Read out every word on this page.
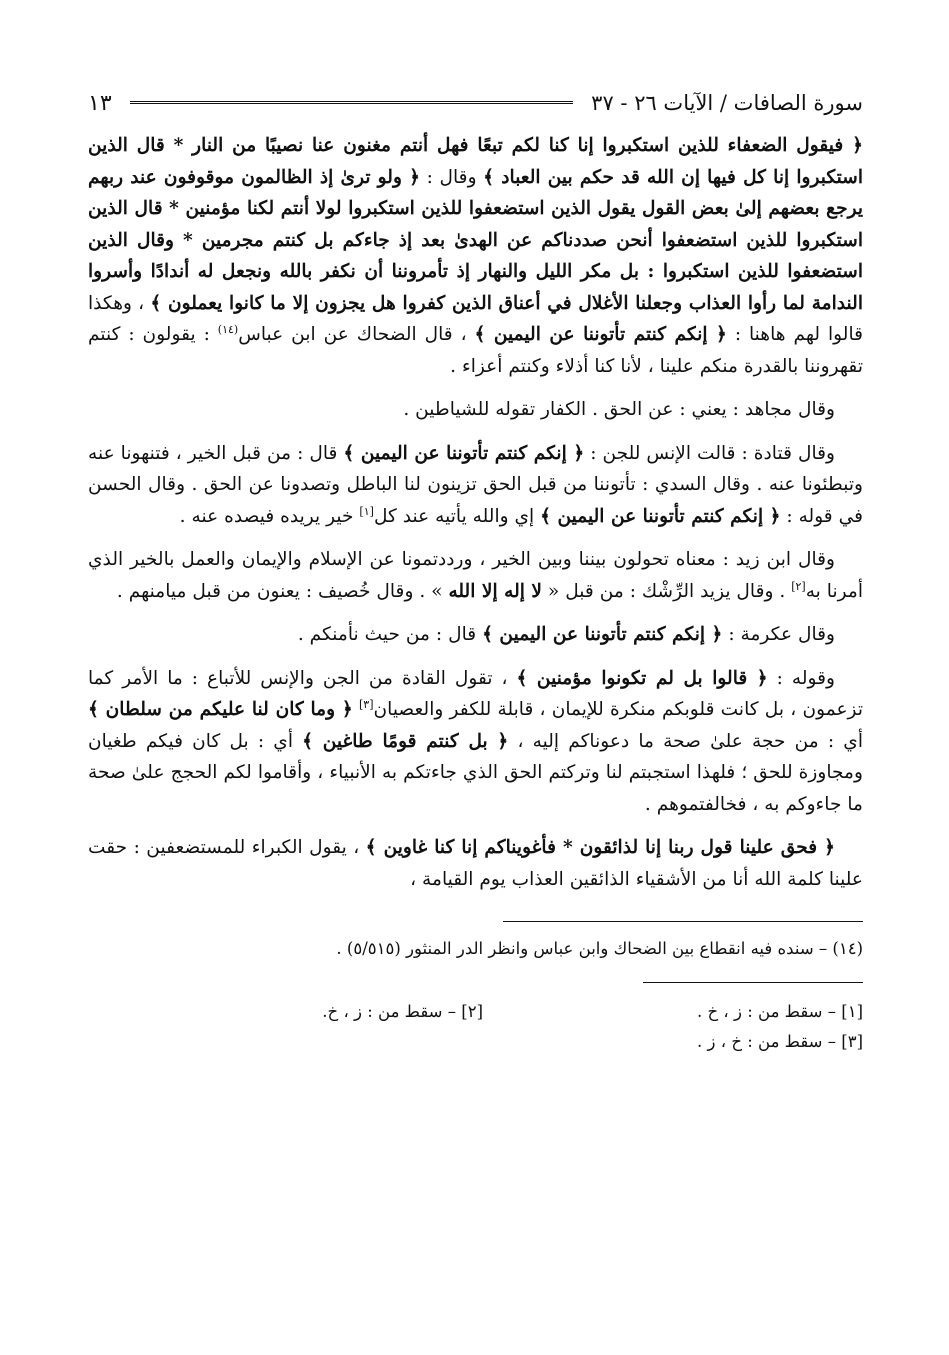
سورة الصافات / الآيات ٢٦ - ٣٧
١٣

﴿ فيقول الضعفاء للذين استكبروا إنا كنا لكم تبعًا فهل أنتم مغنون عنا نصيبًا من النار * قال الذين استكبروا إنا كل فيها إن الله قد حكم بين العباد ﴾ وقال : ﴿ ولو ترىٰ إذ الظالمون موقوفون عند ربهم يرجع بعضهم إلىٰ بعض القول يقول الذين استضعفوا للذين استكبروا لولا أنتم لكنا مؤمنين * قال الذين استكبروا للذين استضعفوا أنحن صددناكم عن الهدىٰ بعد إذ جاءكم بل كنتم مجرمين * وقال الذين استضعفوا للذين استكبروا : بل مكر الليل والنهار إذ تأمروننا أن نكفر بالله ونجعل له أندادًا وأسروا الندامة لما رأوا العذاب وجعلنا الأغلال في أعناق الذين كفروا هل يجزون إلا ما كانوا يعملون ﴾ ، وهكذا قالوا لهم هاهنا : ﴿ إنكم كنتم تأتوننا عن اليمين ﴾ ، قال الضحاك عن ابن عباس$^{(١٤)}$ : يقولون : كنتم تقهروننا بالقدرة منكم علينا ، لأنا كنا أذلاء وكنتم أعزاء .

وقال مجاهد : يعني : عن الحق . الكفار تقوله للشياطين .

وقال قتادة : قالت الإنس للجن : ﴿ إنكم كنتم تأتوننا عن اليمين ﴾ قال : من قبل الخير ، فتنهونا عنه وتبطئونا عنه . وقال السدي : تأتوننا من قبل الحق تزينون لنا الباطل وتصدونا عن الحق . وقال الحسن في قوله : ﴿ إنكم كنتم تأتوننا عن اليمين ﴾ إي والله يأتيه عند كل[١] خير يريده فيصده عنه .

وقال ابن زيد : معناه تحولون بيننا وبين الخير ، ورددتمونا عن الإسلام والإيمان والعمل بالخير الذي أمرنا به[٢] . وقال يزيد الرِّشْك : من قبل « لا إله إلا الله » . وقال خُصيف : يعنون من قبل ميامنهم .

وقال عكرمة : ﴿ إنكم كنتم تأتوننا عن اليمين ﴾ قال : من حيث نأمنكم .

وقوله : ﴿ قالوا بل لم تكونوا مؤمنين ﴾ ، تقول القادة من الجن والإنس للأتباع : ما الأمر كما تزعمون ، بل كانت قلوبكم منكرة للإيمان ، قابلة للكفر والعصيان[٣] ﴿ وما كان لنا عليكم من سلطان ﴾ أي : من حجة علىٰ صحة ما دعوناكم إليه ، ﴿ بل كنتم قومًا طاغين ﴾ أي : بل كان فيكم طغيان ومجاوزة للحق ؛ فلهذا استجبتم لنا وتركتم الحق الذي جاءتكم به الأنبياء ، وأقاموا لكم الحجج علىٰ صحة ما جاءوكم به ، فخالفتموهم .

﴿ فحق علينا قول ربنا إنا لذائقون * فأغويناكم إنا كنا غاوين ﴾ ، يقول الكبراء للمستضعفين : حقت علينا كلمة الله أنا من الأشقياء الذائقين العذاب يوم القيامة ،

(١٤) – سنده فيه انقطاع بين الضحاك وابن عباس وانظر الدر المنثور (٥/٥١٥) .

[١] – سقط من : ز ، خ .
[٢] – سقط من : ز ، خ.
[٣] – سقط من : خ ، ز .
